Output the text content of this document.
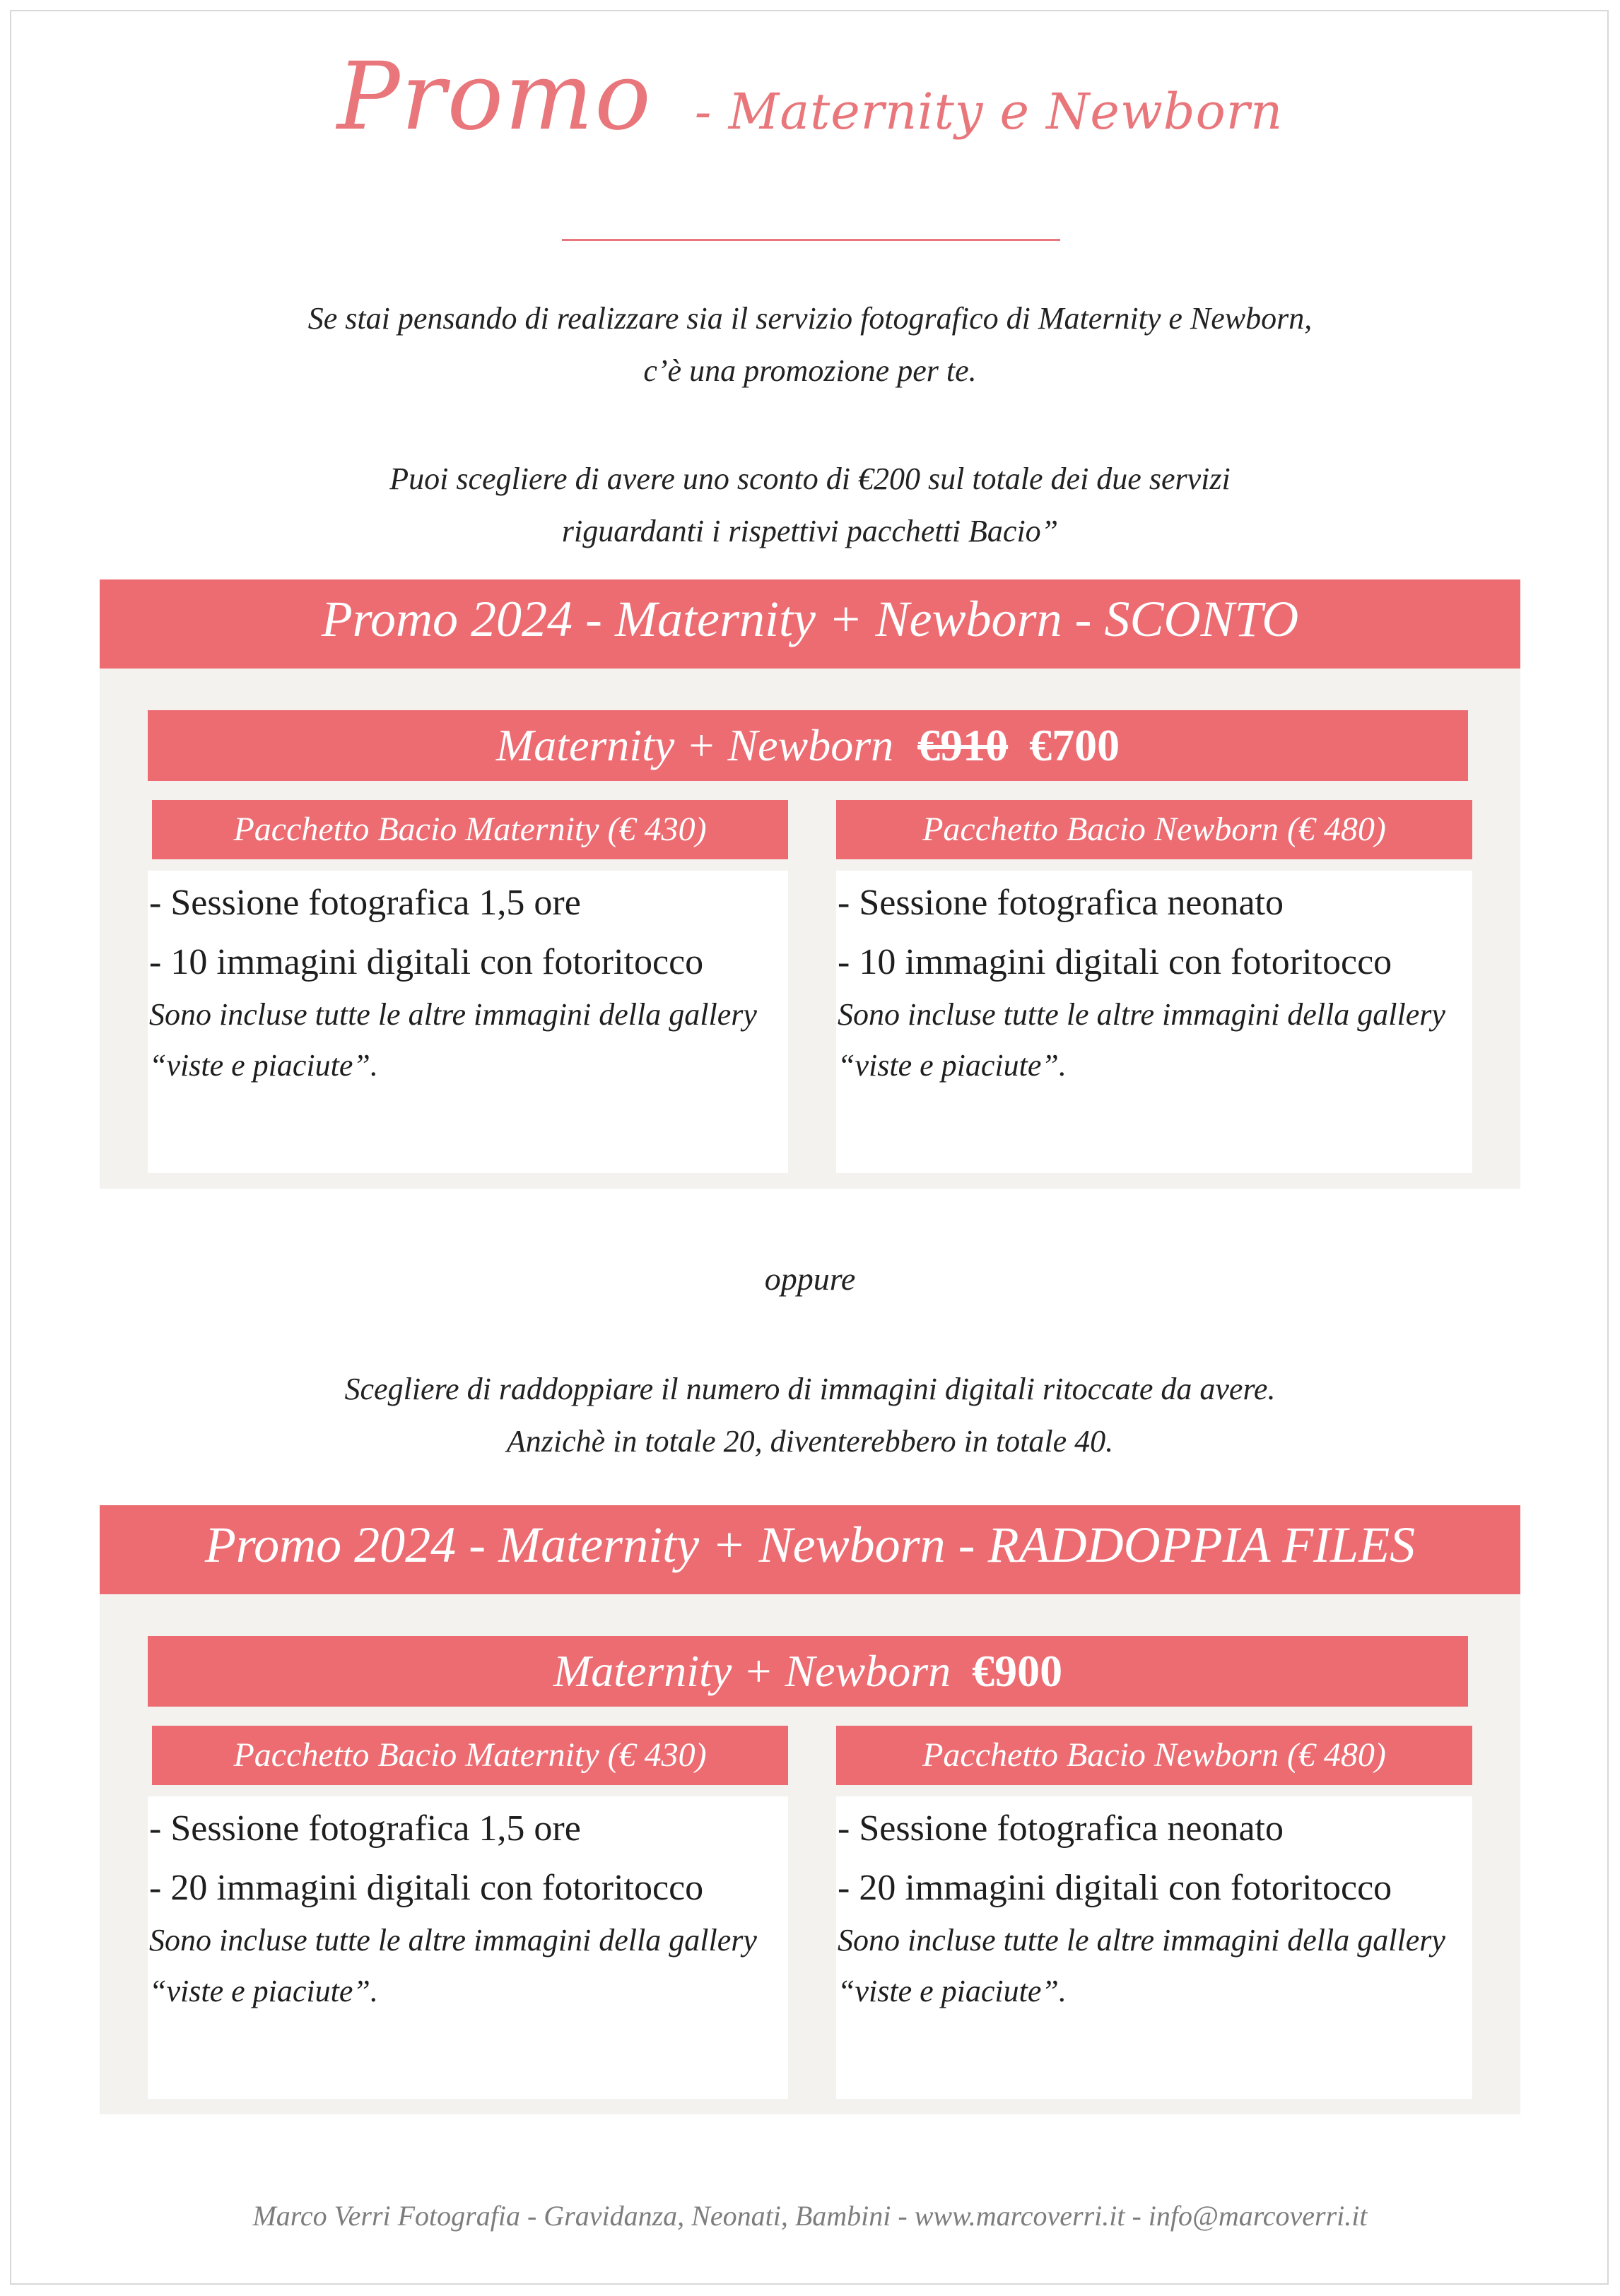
Promo - Maternity e Newborn
Se stai pensando di realizzare sia il servizio fotografico di Maternity e Newborn,
c’è una promozione per te.
Puoi scegliere di avere uno sconto di €200 sul totale dei due servizi
riguardanti i rispettivi pacchetti Bacio”
Promo 2024 - Maternity + Newborn - SCONTO
Maternity + Newborn €910 €700
Pacchetto Bacio Maternity (€ 430)
- Sessione fotografica 1,5 ore
- 10 immagini digitali con fotoritocco
Sono incluse tutte le altre immagini della gallery “viste e piaciute”.
Pacchetto Bacio Newborn (€ 480)
- Sessione fotografica neonato
- 10 immagini digitali con fotoritocco
Sono incluse tutte le altre immagini della gallery “viste e piaciute”.
oppure
Scegliere di raddoppiare il numero di immagini digitali ritoccate da avere.
Anzichè in totale 20, diventerebbero in totale 40.
Promo 2024 - Maternity + Newborn - RADDOPPIA FILES
Maternity + Newborn €900
Pacchetto Bacio Maternity (€ 430)
- Sessione fotografica 1,5 ore
- 20 immagini digitali con fotoritocco
Sono incluse tutte le altre immagini della gallery “viste e piaciute”.
Pacchetto Bacio Newborn (€ 480)
- Sessione fotografica neonato
- 20 immagini digitali con fotoritocco
Sono incluse tutte le altre immagini della gallery “viste e piaciute”.
Marco Verri Fotografia - Gravidanza, Neonati, Bambini - www.marcoverri.it - info@marcoverri.it
